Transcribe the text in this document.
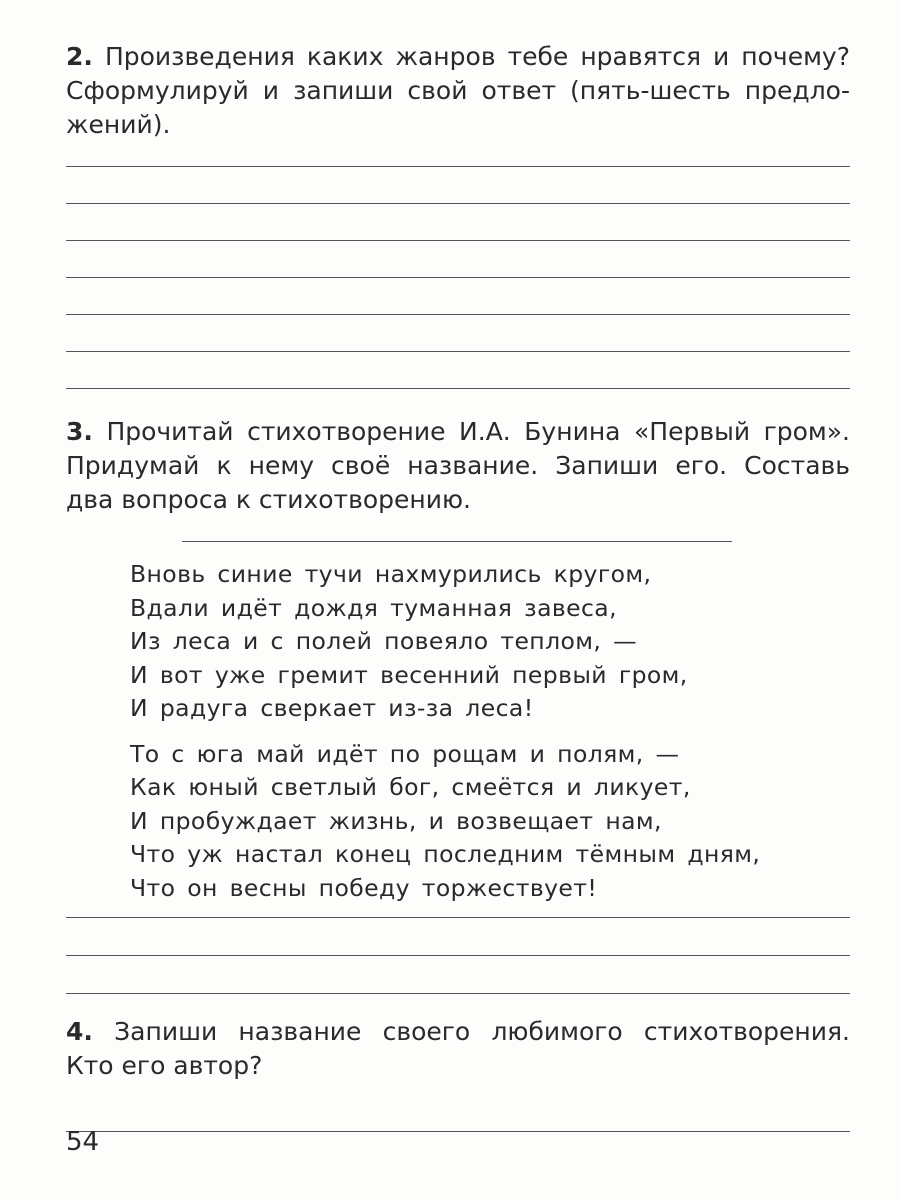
2. Произведения каких жанров тебе нравятся и почему?
Сформулируй и запиши свой ответ (пять-шесть предло-
жений).
3. Прочитай стихотворение И.А. Бунина «Первый гром».
Придумай к нему своё название. Запиши его. Составь
два вопроса к стихотворению.
Вновь синие тучи нахмурились кругом,
Вдали идёт дождя туманная завеса,
Из леса и с полей повеяло теплом, —
И вот уже гремит весенний первый гром,
И радуга сверкает из-за леса!
То с юга май идёт по рощам и полям, —
Как юный светлый бог, смеётся и ликует,
И пробуждает жизнь, и возвещает нам,
Что уж настал конец последним тёмным дням,
Что он весны победу торжествует!
4. Запиши название своего любимого стихотворения.
Кто его автор?
54
